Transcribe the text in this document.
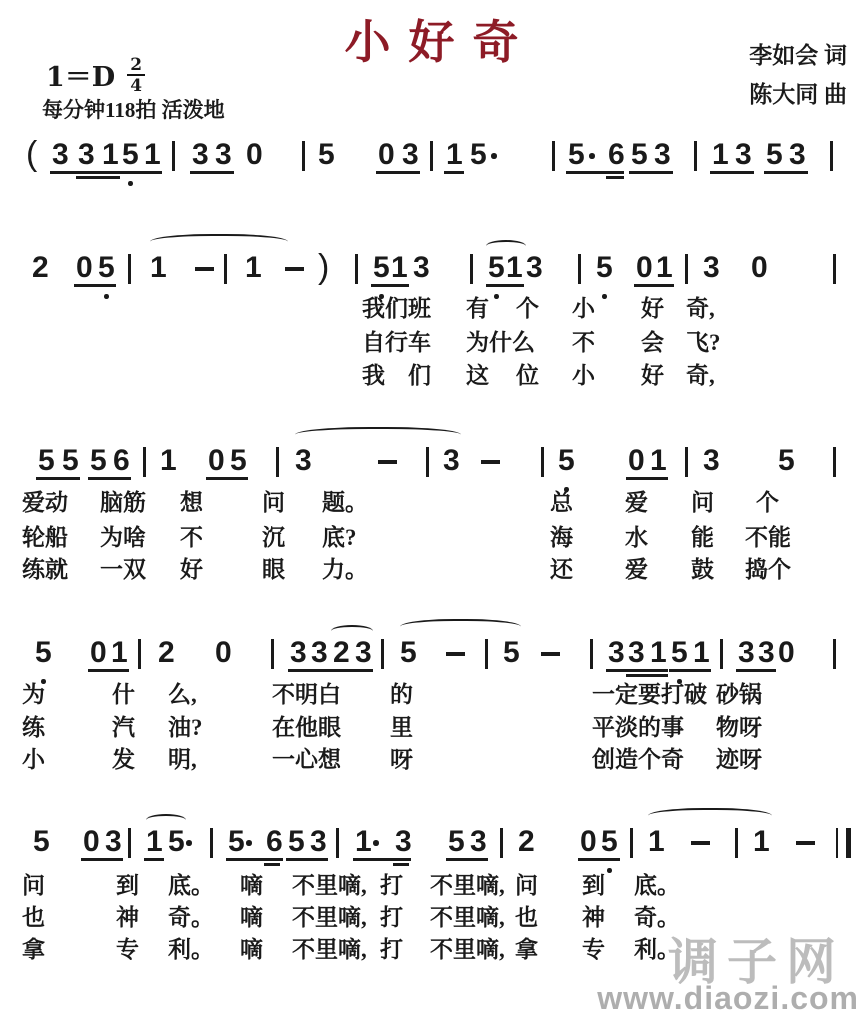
小好奇	李如会 词
陈大同 曲
$1=D \frac{2}{4}$
每分钟118拍 活泼地
( 3 3 1 5 1 3 3 0 5 0 3 1 5	5 6 5 3 1 3 5 3
2 0 5 1	1 ) 5 1 3 5 1 3 5 0 1 3 0
5 5 5 6 1 0 5 3	3	5 0 1 3 5
5 0 1 2 0 3 3 2 3 5	5	3 3 1 5 1 3 3 0
5 0 3 1 5 5 6 5 3 1 3 5 3 2 0 5 1	1
我们班 有 个 小 好 奇,
自行车 为什么 不 会 飞?
我 们 这 位 小 好 奇,
爱动 脑筋 想	问 题。	总 爱 问 个
轮船 为啥 不	沉 底?	海 水 能 不能
练就 一双 好	眼 力。	还 爱 鼓 捣个
为	什 么,	不明白 的	一定要打破 砂锅
练	汽 油?	在他眼 里	平淡的事 物呀
小	发 明,	一心想 呀	创造个奇 迹呀
问	到 底。 嘀 不里嘀, 打 不里嘀, 问 到 底。
也	神 奇。 嘀 不里嘀, 打 不里嘀, 也 神 奇。
拿	专 利。 嘀 不里嘀, 打 不里嘀, 拿 专 利。
调子网
www.diaozi.com
